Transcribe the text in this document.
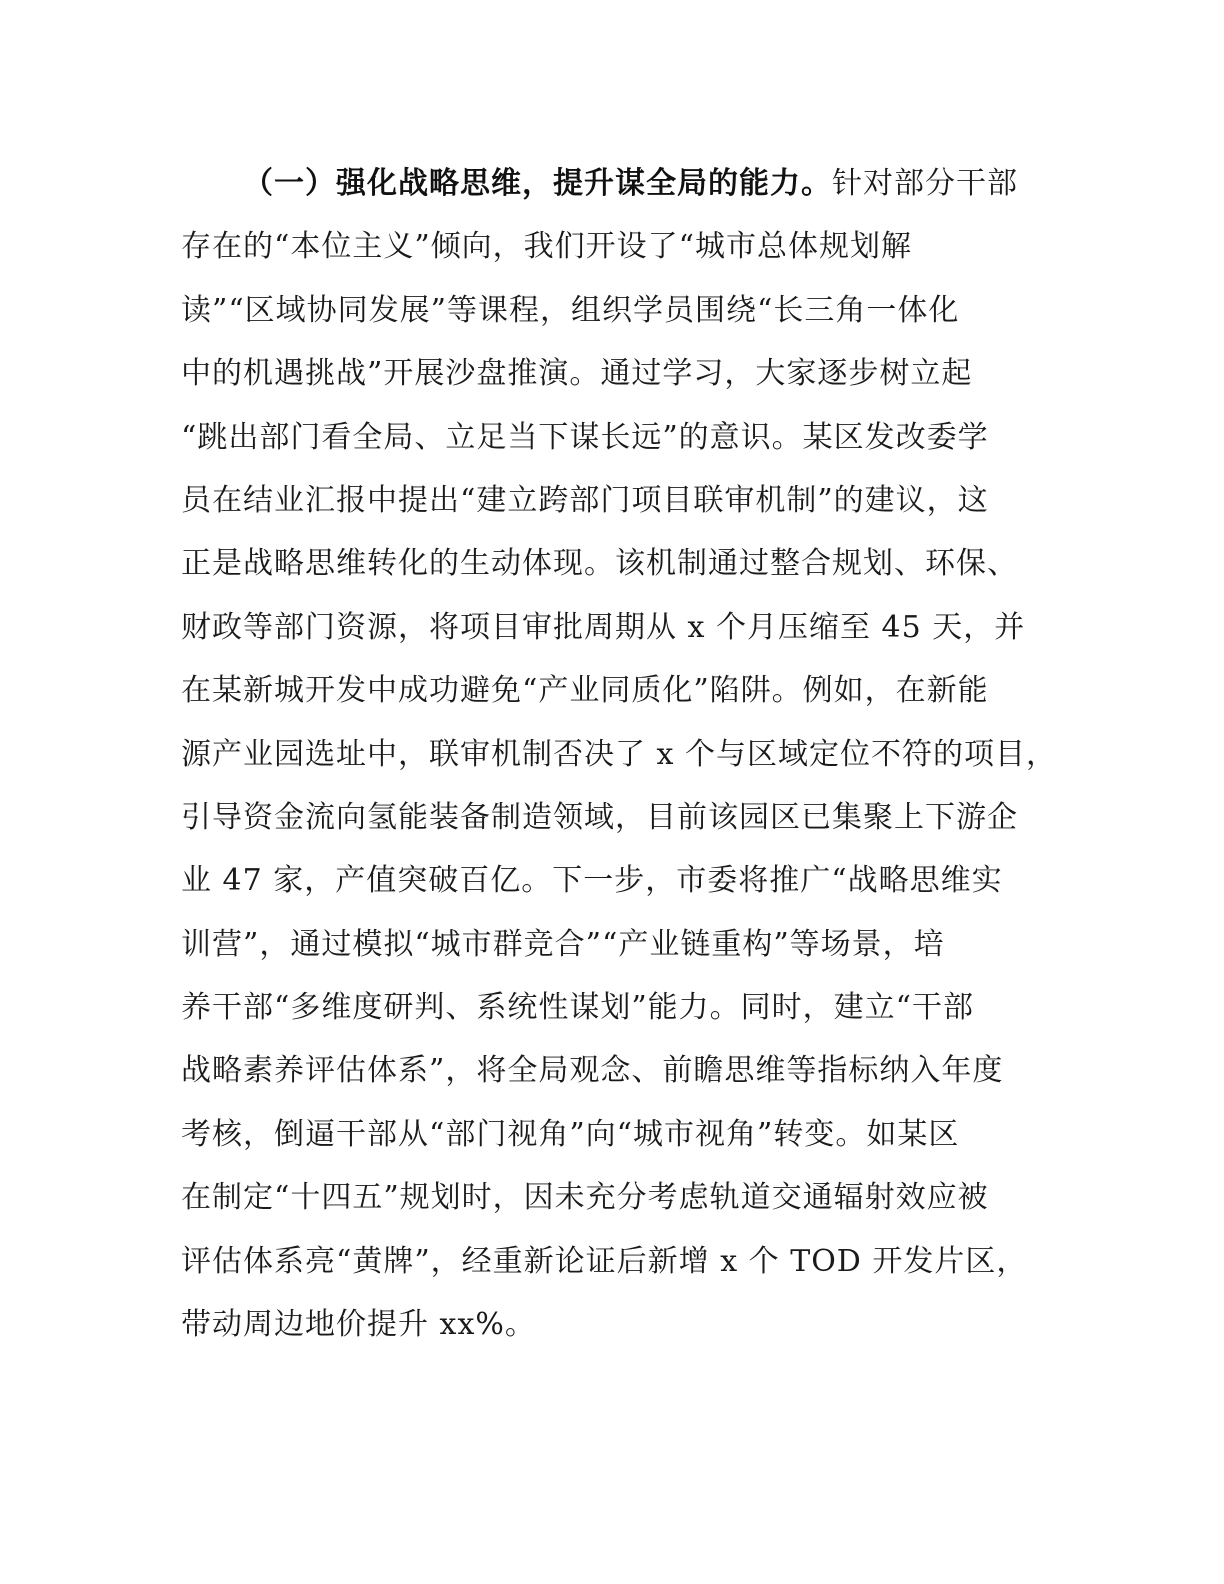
（一）强化战略思维，提升谋全局的能力。针对部分干部
存在的“本位主义”倾向，我们开设了“城市总体规划解
读”“区域协同发展”等课程，组织学员围绕“长三角一体化
中的机遇挑战”开展沙盘推演。通过学习，大家逐步树立起
“跳出部门看全局、立足当下谋长远”的意识。某区发改委学
员在结业汇报中提出“建立跨部门项目联审机制”的建议，这
正是战略思维转化的生动体现。该机制通过整合规划、环保、
财政等部门资源，将项目审批周期从 x 个月压缩至 45 天，并
在某新城开发中成功避免“产业同质化”陷阱。例如，在新能
源产业园选址中，联审机制否决了 x 个与区域定位不符的项目，
引导资金流向氢能装备制造领域，目前该园区已集聚上下游企
业 47 家，产值突破百亿。下一步，市委将推广“战略思维实
训营”，通过模拟“城市群竞合”“产业链重构”等场景，培
养干部“多维度研判、系统性谋划”能力。同时，建立“干部
战略素养评估体系”，将全局观念、前瞻思维等指标纳入年度
考核，倒逼干部从“部门视角”向“城市视角”转变。如某区
在制定“十四五”规划时，因未充分考虑轨道交通辐射效应被
评估体系亮“黄牌”，经重新论证后新增 x 个 TOD 开发片区，
带动周边地价提升 xx%。
